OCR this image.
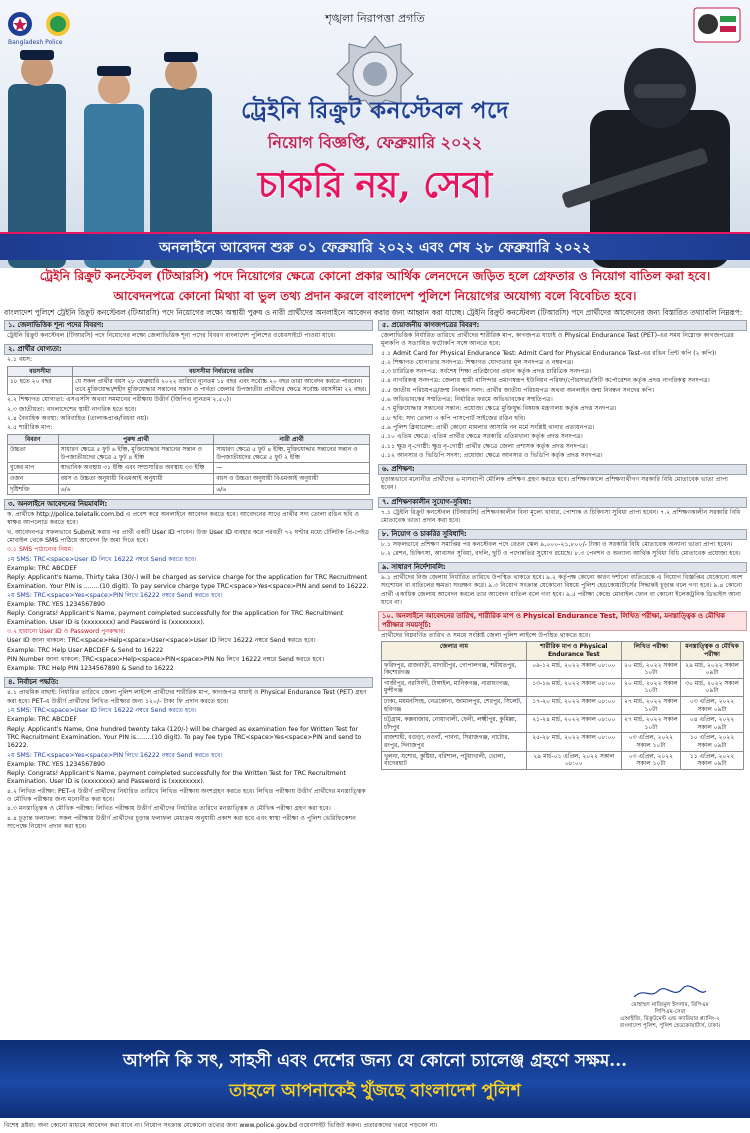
শৃঙ্খলা নিরাপত্তা প্রগতি
Bangladesh Police
ট্রেইনি রিক্রুট কনস্টেবল পদে
নিয়োগ বিজ্ঞপ্তি, ফেব্রুয়ারি ২০২২
চাকরি নয়, সেবা
অনলাইনে আবেদন শুরু ০১ ফেব্রুয়ারি ২০২২ এবং শেষ ২৮ ফেব্রুয়ারি ২০২২
ট্রেইনি রিক্রুট কনস্টেবল (টিআরসি) পদে নিয়োগের ক্ষেত্রে কোনো প্রকার আর্থিক লেনদেনে জড়িত হলে গ্রেফতার ও নিয়োগ বাতিল করা হবে।
আবেদনপত্রে কোনো মিথ্যা বা ভুল তথ্য প্রদান করলে বাংলাদেশ পুলিশে নিয়োগের অযোগ্য বলে বিবেচিত হবে।
বাংলাদেশ পুলিশে ট্রেইনি রিক্রুট কনস্টেবল (টিআরসি) পদে নিয়োগের লক্ষ্যে অস্থায়ী পুরুষ ও নারী প্রার্থীদের অনলাইনে আবেদন করার জন্য আহ্বান করা যাচ্ছে। ট্রেইনি রিক্রুট কনস্টেবল (টিআরসি) পদে প্রার্থীদের আবেদনের জন্য বিস্তারিত তথ্যাবলি নিম্নরূপ:
১. জেলাভিত্তিক শূন্য পদের বিবরণ:

ট্রেইনি রিক্রুট কনস্টেবল (টিআরসি) পদে নিয়োগের লক্ষ্যে জেলাভিত্তিক শূন্য পদের বিবরণ বাংলাদেশ পুলিশের ওয়েবসাইটে পাওয়া যাবে।

২. প্রার্থীর যোগ্যতা:

২.১ বয়স:

বয়সসীমা	বয়সসীমা নির্ধারণের তারিখ
১৮ হতে ২০ বছর	যে সকল প্রার্থীর বয়স ২৮ ফেব্রুয়ারি ২০২২ তারিখে ন্যূনতম ১৮ বছর এবং সর্বোচ্চ ২০ বছর তারা আবেদন করতে পারবেন। তবে মুক্তিযোদ্ধা/শহীদ মুক্তিযোদ্ধার সন্তানের সন্তান ও পার্বত্য জেলার উপজাতীয় প্রার্থীদের ক্ষেত্রে সর্বোচ্চ বয়সসীমা ২২ বছর।

২.২ শিক্ষাগত যোগ্যতা: এসএসসি অথবা সমমানের পরীক্ষায় উত্তীর্ণ (জিপিএ ন্যূনতম ২.৫০)।

২.৩ জাতীয়তা: বাংলাদেশের স্থায়ী নাগরিক হতে হবে।

২.৪ বৈবাহিক অবস্থা: অবিবাহিত (তালাকপ্রাপ্ত/বিধবা নয়)।

২.৫ শারীরিক মাপ:

বিবরণ	পুরুষ প্রার্থী	নারী প্রার্থী
উচ্চতা	সাধারণ ক্ষেত্রে ৫ ফুট ৬ ইঞ্চি, মুক্তিযোদ্ধার সন্তানের সন্তান ও উপজাতীয়দের ক্ষেত্রে ৫ ফুট ৪ ইঞ্চি	সাধারণ ক্ষেত্রে ৫ ফুট ৪ ইঞ্চি, মুক্তিযোদ্ধার সন্তানের সন্তান ও উপজাতীয়দের ক্ষেত্রে ৫ ফুট ২ ইঞ্চি
বুকের মাপ	স্বাভাবিক অবস্থায় ৩১ ইঞ্চি এবং সম্প্রসারিত অবস্থায় ৩৩ ইঞ্চি	—
ওজন	বয়স ও উচ্চতা অনুযায়ী বিএমআই অনুযায়ী	বয়স ও উচ্চতা অনুযায়ী বিএমআই অনুযায়ী
দৃষ্টিশক্তি	৬/৬	৬/৬
৩. অনলাইনে আবেদনের নিয়মাবলি:

ক. প্রার্থীকে http://police.teletalk.com.bd এ প্রবেশ করে অনলাইনে আবেদন করতে হবে। আবেদনের সাথে প্রার্থীর সদ্য তোলা রঙিন ছবি ও স্বাক্ষর আপলোড করতে হবে।

খ. আবেদনপত্র সফলভাবে Submit করার পর প্রার্থী একটি User ID পাবেন। উক্ত User ID ব্যবহার করে পরবর্তী ৭২ ঘণ্টার মধ্যে টেলিটক প্রি-পেইড মোবাইল থেকে SMS পাঠিয়ে আবেদন ফি জমা দিতে হবে।

৩.১ SMS পাঠানোর নিয়ম:

১ম SMS: TRC<space>User ID লিখে 16222 নম্বরে Send করতে হবে।

Example: TRC ABCDEF

Reply: Applicant's Name, Thirty taka (30/-) will be charged as service charge for the application for TRC Recruitment Examination. Your PIN is ........(10 digit). To pay service charge type TRC<space>Yes<space>PIN and send to 16222.

২য় SMS: TRC<space>Yes<space>PIN লিখে 16222 নম্বরে Send করতে হবে।

Example: TRC YES 1234567890

Reply: Congrats! Applicant's Name, payment completed successfully for the application for TRC Recruitment Examination. User ID is (xxxxxxxx) and Password is (xxxxxxxx).

৩.২ হারানো User ID ও Password পুনরুদ্ধার:

User ID জানা থাকলে: TRC<space>Help<space>User<space>User ID লিখে 16222 নম্বরে Send করতে হবে।

Example: TRC Help User ABCDEF & Send to 16222

PIN Number জানা থাকলে: TRC<space>Help<space>PIN<space>PIN No লিখে 16222 নম্বরে Send করতে হবে।

Example: TRC Help PIN 1234567890 & Send to 16222

৪. নির্বাচন পদ্ধতি:

৪.১ প্রাথমিক বাছাই: নির্ধারিত তারিখে জেলা পুলিশ লাইন্সে প্রার্থীদের শারীরিক মাপ, কাগজপত্র যাচাই ও Physical Endurance Test (PET) গ্রহণ করা হবে। PET-এ উত্তীর্ণ প্রার্থীদের লিখিত পরীক্ষার জন্য ১২০/- টাকা ফি প্রদান করতে হবে।

১ম SMS: TRC<space>User ID লিখে 16222 নম্বরে Send করতে হবে।

Example: TRC ABCDEF

Reply: Applicant's Name, One hundred twenty taka (120/-) will be charged as examination fee for Written Test for TRC Recruitment Examination. Your PIN is........(10 digit). To pay fee type TRC<space>Yes<space>PIN and send to 16222.

২য় SMS: TRC<space>Yes<space>PIN লিখে 16222 নম্বরে Send করতে হবে।

Example: TRC YES 1234567890

Reply: Congrats! Applicant's Name, payment completed successfully for the Written Test for TRC Recruitment Examination. User ID is (xxxxxxxx) and Password is (xxxxxxxx).

৪.২ লিখিত পরীক্ষা: PET-এ উত্তীর্ণ প্রার্থীদের নির্ধারিত তারিখে লিখিত পরীক্ষায় অংশগ্রহণ করতে হবে। লিখিত পরীক্ষায় উত্তীর্ণ প্রার্থীদের মনস্তাত্ত্বিক ও মৌখিক পরীক্ষার জন্য মনোনীত করা হবে।

৪.৩ মনস্তাত্ত্বিক ও মৌখিক পরীক্ষা: লিখিত পরীক্ষায় উত্তীর্ণ প্রার্থীদের নির্ধারিত তারিখে মনস্তাত্ত্বিক ও মৌখিক পরীক্ষা গ্রহণ করা হবে।

৪.৪ চূড়ান্ত ফলাফল: সকল পরীক্ষায় উত্তীর্ণ প্রার্থীদের চূড়ান্ত ফলাফল মেধাক্রম অনুযায়ী প্রকাশ করা হবে এবং স্বাস্থ্য পরীক্ষা ও পুলিশ ভেরিফিকেশন সাপেক্ষে নিয়োগ প্রদান করা হবে।

৫. প্রয়োজনীয় কাগজপত্রের বিবরণ:

জেলাভিত্তিক নির্ধারিত তারিখে প্রার্থীদের শারীরিক মাপ, কাগজপত্র যাচাই ও Physical Endurance Test (PET)-এর সময় নিম্নোক্ত কাগজপত্রের মূলকপি ও সত্যায়িত ফটোকপি সঙ্গে আনতে হবে:

৫.১ Admit Card for Physical Endurance Test: Admit Card for Physical Endurance Test-এর রঙিন প্রিন্ট কপি (২ কপি)।

৫.২ শিক্ষাগত যোগ্যতার সনদপত্র: শিক্ষাগত যোগ্যতার মূল সনদপত্র ও নম্বরপত্র।

৫.৩ চারিত্রিক সনদপত্র: সর্বশেষ শিক্ষা প্রতিষ্ঠানের প্রধান কর্তৃক প্রদত্ত চারিত্রিক সনদপত্র।

৫.৪ নাগরিকত্ব সনদপত্র: জেলার স্থায়ী বাসিন্দার প্রমাণস্বরূপ ইউনিয়ন পরিষদ/পৌরসভা/সিটি কর্পোরেশন কর্তৃক প্রদত্ত নাগরিকত্ব সনদপত্র।

৫.৫ জাতীয় পরিচয়পত্র/জন্ম নিবন্ধন সনদ: প্রার্থীর জাতীয় পরিচয়পত্র অথবা অনলাইন জন্ম নিবন্ধন সনদের কপি।

৫.৬ অভিভাবকের সম্মতিপত্র: নির্ধারিত ফরমে অভিভাবকের সম্মতিপত্র।

৫.৭ মুক্তিযোদ্ধার সন্তানের সন্তান: প্রযোজ্য ক্ষেত্রে মুক্তিযুদ্ধ বিষয়ক মন্ত্রণালয় কর্তৃক প্রদত্ত সনদপত্র।

৫.৮ ছবি: সদ্য তোলা ৩ কপি পাসপোর্ট সাইজের রঙিন ছবি।

৫.৯ পুলিশ ক্লিয়ারেন্স: প্রার্থী কোনো মামলার আসামি নন মর্মে সংশ্লিষ্ট থানার প্রত্যয়নপত্র।

৫.১০ এতিম ক্ষেত্রে: এতিম প্রার্থীর ক্ষেত্রে সরকারি এতিমখানা কর্তৃক প্রদত্ত সনদপত্র।

৫.১১ ক্ষুদ্র নৃ-গোষ্ঠী: ক্ষুদ্র নৃ-গোষ্ঠী প্রার্থীর ক্ষেত্রে জেলা প্রশাসক কর্তৃক প্রদত্ত সনদপত্র।

৫.১২ আনসার ও ভিডিপি সদস্য: প্রযোজ্য ক্ষেত্রে আনসার ও ভিডিপি কর্তৃক প্রদত্ত সনদপত্র।

৬. প্রশিক্ষণ:

চূড়ান্তভাবে মনোনীত প্রার্থীদের ৬ মাসব্যাপী মৌলিক প্রশিক্ষণ গ্রহণ করতে হবে। প্রশিক্ষণকালে প্রশিক্ষণার্থীগণ সরকারি বিধি মোতাবেক ভাতা প্রাপ্য হবেন।

৭. প্রশিক্ষণকালীন সুযোগ-সুবিধা:

৭.১ ট্রেইনি রিক্রুট কনস্টেবল (টিআরসি) প্রশিক্ষণকালীন বিনা মূল্যে খাবার, পোশাক ও চিকিৎসা সুবিধা প্রাপ্য হবেন। ৭.২ প্রশিক্ষণকালীন সরকারি বিধি মোতাবেক ভাতা প্রদান করা হবে।

৮. নিয়োগ ও চাকরির সুবিধাদি:

৮.১ সফলভাবে প্রশিক্ষণ সমাপ্তির পর কনস্টেবল পদে বেতন স্কেল ৯,০০০-২১,৮০০/- টাকা ও সরকারি বিধি মোতাবেক অন্যান্য ভাতা প্রাপ্য হবেন। ৮.২ রেশন, চিকিৎসা, আবাসন সুবিধা, বদলি, ছুটি ও পদোন্নতির সুযোগ রয়েছে। ৮.৩ পেনশন ও অন্যান্য আর্থিক সুবিধা বিধি মোতাবেক প্রযোজ্য হবে।

৯. সাধারণ নির্দেশাবলি:

৯.১ প্রার্থীদের নিজ জেলায় নির্ধারিত তারিখে উপস্থিত থাকতে হবে। ৯.২ কর্তৃপক্ষ কোনো কারণ দর্শানো ব্যতিরেকে এ নিয়োগ বিজ্ঞপ্তির যেকোনো অংশ সংশোধন বা বাতিলের ক্ষমতা সংরক্ষণ করে। ৯.৩ নিয়োগ সংক্রান্ত যেকোনো বিষয়ে পুলিশ হেডকোয়ার্টার্সের সিদ্ধান্তই চূড়ান্ত বলে গণ্য হবে। ৯.৪ কোনো প্রার্থী একাধিক জেলায় আবেদন করলে তার আবেদন বাতিল বলে গণ্য হবে। ৯.৫ পরীক্ষা কেন্দ্রে মোবাইল ফোন বা কোনো ইলেকট্রনিক ডিভাইস আনা যাবে না।

১০. অনলাইনে আবেদনের তারিখ, শারীরিক মাপ ও Physical Endurance Test, লিখিত পরীক্ষা, মনস্তাত্ত্বিক ও মৌখিক পরীক্ষার সময়সূচি:

প্রার্থীদের নিম্নবর্ণিত তারিখ ও সময়ে সংশ্লিষ্ট জেলা পুলিশ লাইন্সে উপস্থিত থাকতে হবে।

জেলার নাম	শারীরিক মাপ ও Physical Endurance Test	লিখিত পরীক্ষা	মনস্তাত্ত্বিক ও মৌখিক পরীক্ষা
ফরিদপুর, রাজবাড়ী, মাদারীপুর, গোপালগঞ্জ, শরীয়তপুর, কিশোরগঞ্জ	০৯-১২ মার্চ, ২০২২ সকাল ০৮:০০	২০ মার্চ, ২০২২ সকাল ১০টা	২৯ মার্চ, ২০২২ সকাল ০৯টা
গাজীপুর, নরসিংদী, টাঙ্গাইল, মানিকগঞ্জ, নারায়ণগঞ্জ, মুন্সীগঞ্জ	১৩-১৬ মার্চ, ২০২২ সকাল ০৮:০০	২০ মার্চ, ২০২২ সকাল ১০টা	৩০ মার্চ, ২০২২ সকাল ০৯টা
ঢাকা, ময়মনসিংহ, নেত্রকোনা, জামালপুর, শেরপুর, সিলেট, হবিগঞ্জ	১৭-২০ মার্চ, ২০২২ সকাল ০৮:০০	২৭ মার্চ, ২০২২ সকাল ১০টা	০৩ এপ্রিল, ২০২২ সকাল ০৯টা
চট্টগ্রাম, কক্সবাজার, নোয়াখালী, ফেনী, লক্ষ্মীপুর, কুমিল্লা, চাঁদপুর	২১-২৪ মার্চ, ২০২২ সকাল ০৮:০০	২৭ মার্চ, ২০২২ সকাল ১০টা	০৪ এপ্রিল, ২০২২ সকাল ০৯টা
রাজশাহী, বগুড়া, নওগাঁ, পাবনা, সিরাজগঞ্জ, নাটোর, রংপুর, দিনাজপুর	২৫-২৮ মার্চ, ২০২২ সকাল ০৮:০০	০৩ এপ্রিল, ২০২২ সকাল ১০টা	১০ এপ্রিল, ২০২২ সকাল ০৯টা
খুলনা, যশোর, কুষ্টিয়া, বরিশাল, পটুয়াখালী, ভোলা, বাগেরহাট	২৯ মার্চ-০১ এপ্রিল, ২০২২ সকাল ০৮:০০	০৩ এপ্রিল, ২০২২ সকাল ১০টা	১১ এপ্রিল, ২০২২ সকাল ০৯টা
মোহাম্মদ নাজিমুল ইসলাম, বিপিএম
পিপিএম-সেবা
এআইজি, রিক্রুটমেন্ট এন্ড ক্যারিয়ার প্ল্যানিং-২
বাংলাদেশ পুলিশ, পুলিশ হেডকোয়ার্টার্স, ঢাকা।
আপনি কি সৎ, সাহসী এবং দেশের জন্য যে কোনো চ্যালেঞ্জ গ্রহণে সক্ষম...
তাহলে আপনাকেই খুঁজছে বাংলাদেশ পুলিশ
বিশেষ দ্রষ্টব্য: অন্য কোনো মাধ্যমে আবেদন করা যাবে না। নিয়োগ সংক্রান্ত যেকোনো তথ্যের জন্য www.police.gov.bd ওয়েবসাইট ভিজিট করুন। প্রতারকদের খপ্পরে পড়বেন না।
